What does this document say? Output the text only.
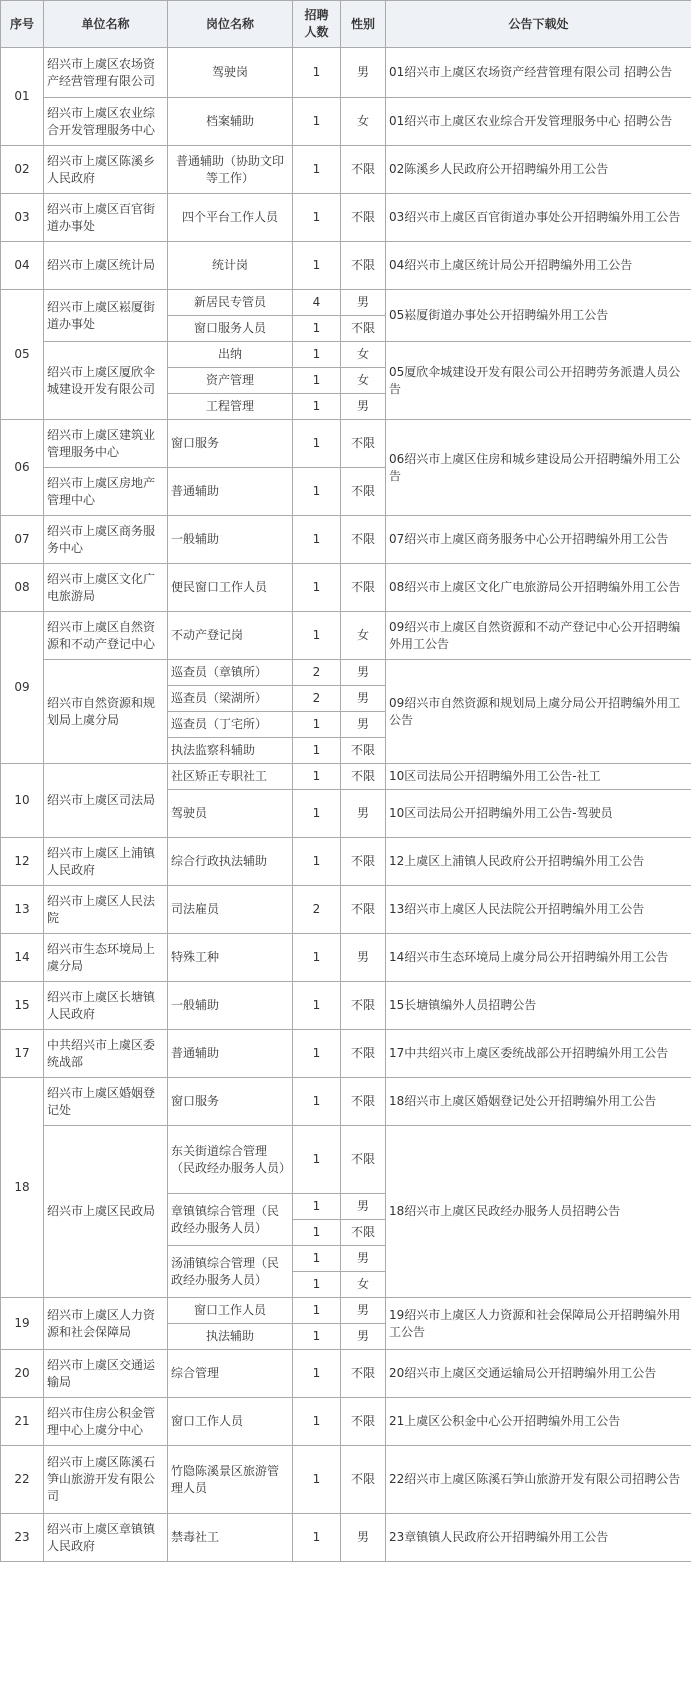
序号	单位名称	岗位名称	招聘人数	性别	公告下载处
01	绍兴市上虞区农场资产经营管理有限公司	驾驶岗	1	男	01绍兴市上虞区农场资产经营管理有限公司 招聘公告
	绍兴市上虞区农业综合开发管理服务中心	档案辅助	1	女	01绍兴市上虞区农业综合开发管理服务中心 招聘公告
02	绍兴市上虞区陈溪乡人民政府	普通辅助（协助文印等工作）	1	不限	02陈溪乡人民政府公开招聘编外用工公告
03	绍兴市上虞区百官街道办事处	四个平台工作人员	1	不限	03绍兴市上虞区百官街道办事处公开招聘编外用工公告
04	绍兴市上虞区统计局	统计岗	1	不限	04绍兴市上虞区统计局公开招聘编外用工公告
05	绍兴市上虞区崧厦街道办事处	新居民专管员	4	男	05崧厦街道办事处公开招聘编外用工公告
		窗口服务人员	1	不限	
	绍兴市上虞区厦欣伞城建设开发有限公司	出纳	1	女	05厦欣伞城建设开发有限公司公开招聘劳务派遣人员公告
		资产管理	1	女	
		工程管理	1	男	
06	绍兴市上虞区建筑业管理服务中心	窗口服务	1	不限	06绍兴市上虞区住房和城乡建设局公开招聘编外用工公告
	绍兴市上虞区房地产管理中心	普通辅助	1	不限	
07	绍兴市上虞区商务服务中心	一般辅助	1	不限	07绍兴市上虞区商务服务中心公开招聘编外用工公告
08	绍兴市上虞区文化广电旅游局	便民窗口工作人员	1	不限	08绍兴市上虞区文化广电旅游局公开招聘编外用工公告
09	绍兴市上虞区自然资源和不动产登记中心	不动产登记岗	1	女	09绍兴市上虞区自然资源和不动产登记中心公开招聘编外用工公告
	绍兴市自然资源和规划局上虞分局	巡查员（章镇所）	2	男	09绍兴市自然资源和规划局上虞分局公开招聘编外用工公告
		巡查员（梁湖所）	2	男	
		巡查员（丁宅所）	1	男	
		执法监察科辅助	1	不限	
10	绍兴市上虞区司法局	社区矫正专职社工	1	不限	10区司法局公开招聘编外用工公告-社工
		驾驶员	1	男	10区司法局公开招聘编外用工公告-驾驶员
12	绍兴市上虞区上浦镇人民政府	综合行政执法辅助	1	不限	12上虞区上浦镇人民政府公开招聘编外用工公告
13	绍兴市上虞区人民法院	司法雇员	2	不限	13绍兴市上虞区人民法院公开招聘编外用工公告
14	绍兴市生态环境局上虞分局	特殊工种	1	男	14绍兴市生态环境局上虞分局公开招聘编外用工公告
15	绍兴市上虞区长塘镇人民政府	一般辅助	1	不限	15长塘镇编外人员招聘公告
17	中共绍兴市上虞区委统战部	普通辅助	1	不限	17中共绍兴市上虞区委统战部公开招聘编外用工公告
18	绍兴市上虞区婚姻登记处	窗口服务	1	不限	18绍兴市上虞区婚姻登记处公开招聘编外用工公告
	绍兴市上虞区民政局	东关街道综合管理（民政经办服务人员）	1	不限	18绍兴市上虞区民政经办服务人员招聘公告
		章镇镇综合管理（民政经办服务人员）	1	男	
			1	不限	
		汤浦镇综合管理（民政经办服务人员）	1	男	
			1	女	
19	绍兴市上虞区人力资源和社会保障局	窗口工作人员	1	男	19绍兴市上虞区人力资源和社会保障局公开招聘编外用工公告
		执法辅助	1	男	
20	绍兴市上虞区交通运输局	综合管理	1	不限	20绍兴市上虞区交通运输局公开招聘编外用工公告
21	绍兴市住房公积金管理中心上虞分中心	窗口工作人员	1	不限	21上虞区公积金中心公开招聘编外用工公告
22	绍兴市上虞区陈溪石笋山旅游开发有限公司	竹隐陈溪景区旅游管理人员	1	不限	22绍兴市上虞区陈溪石笋山旅游开发有限公司招聘公告
23	绍兴市上虞区章镇镇人民政府	禁毒社工	1	男	23章镇镇人民政府公开招聘编外用工公告
